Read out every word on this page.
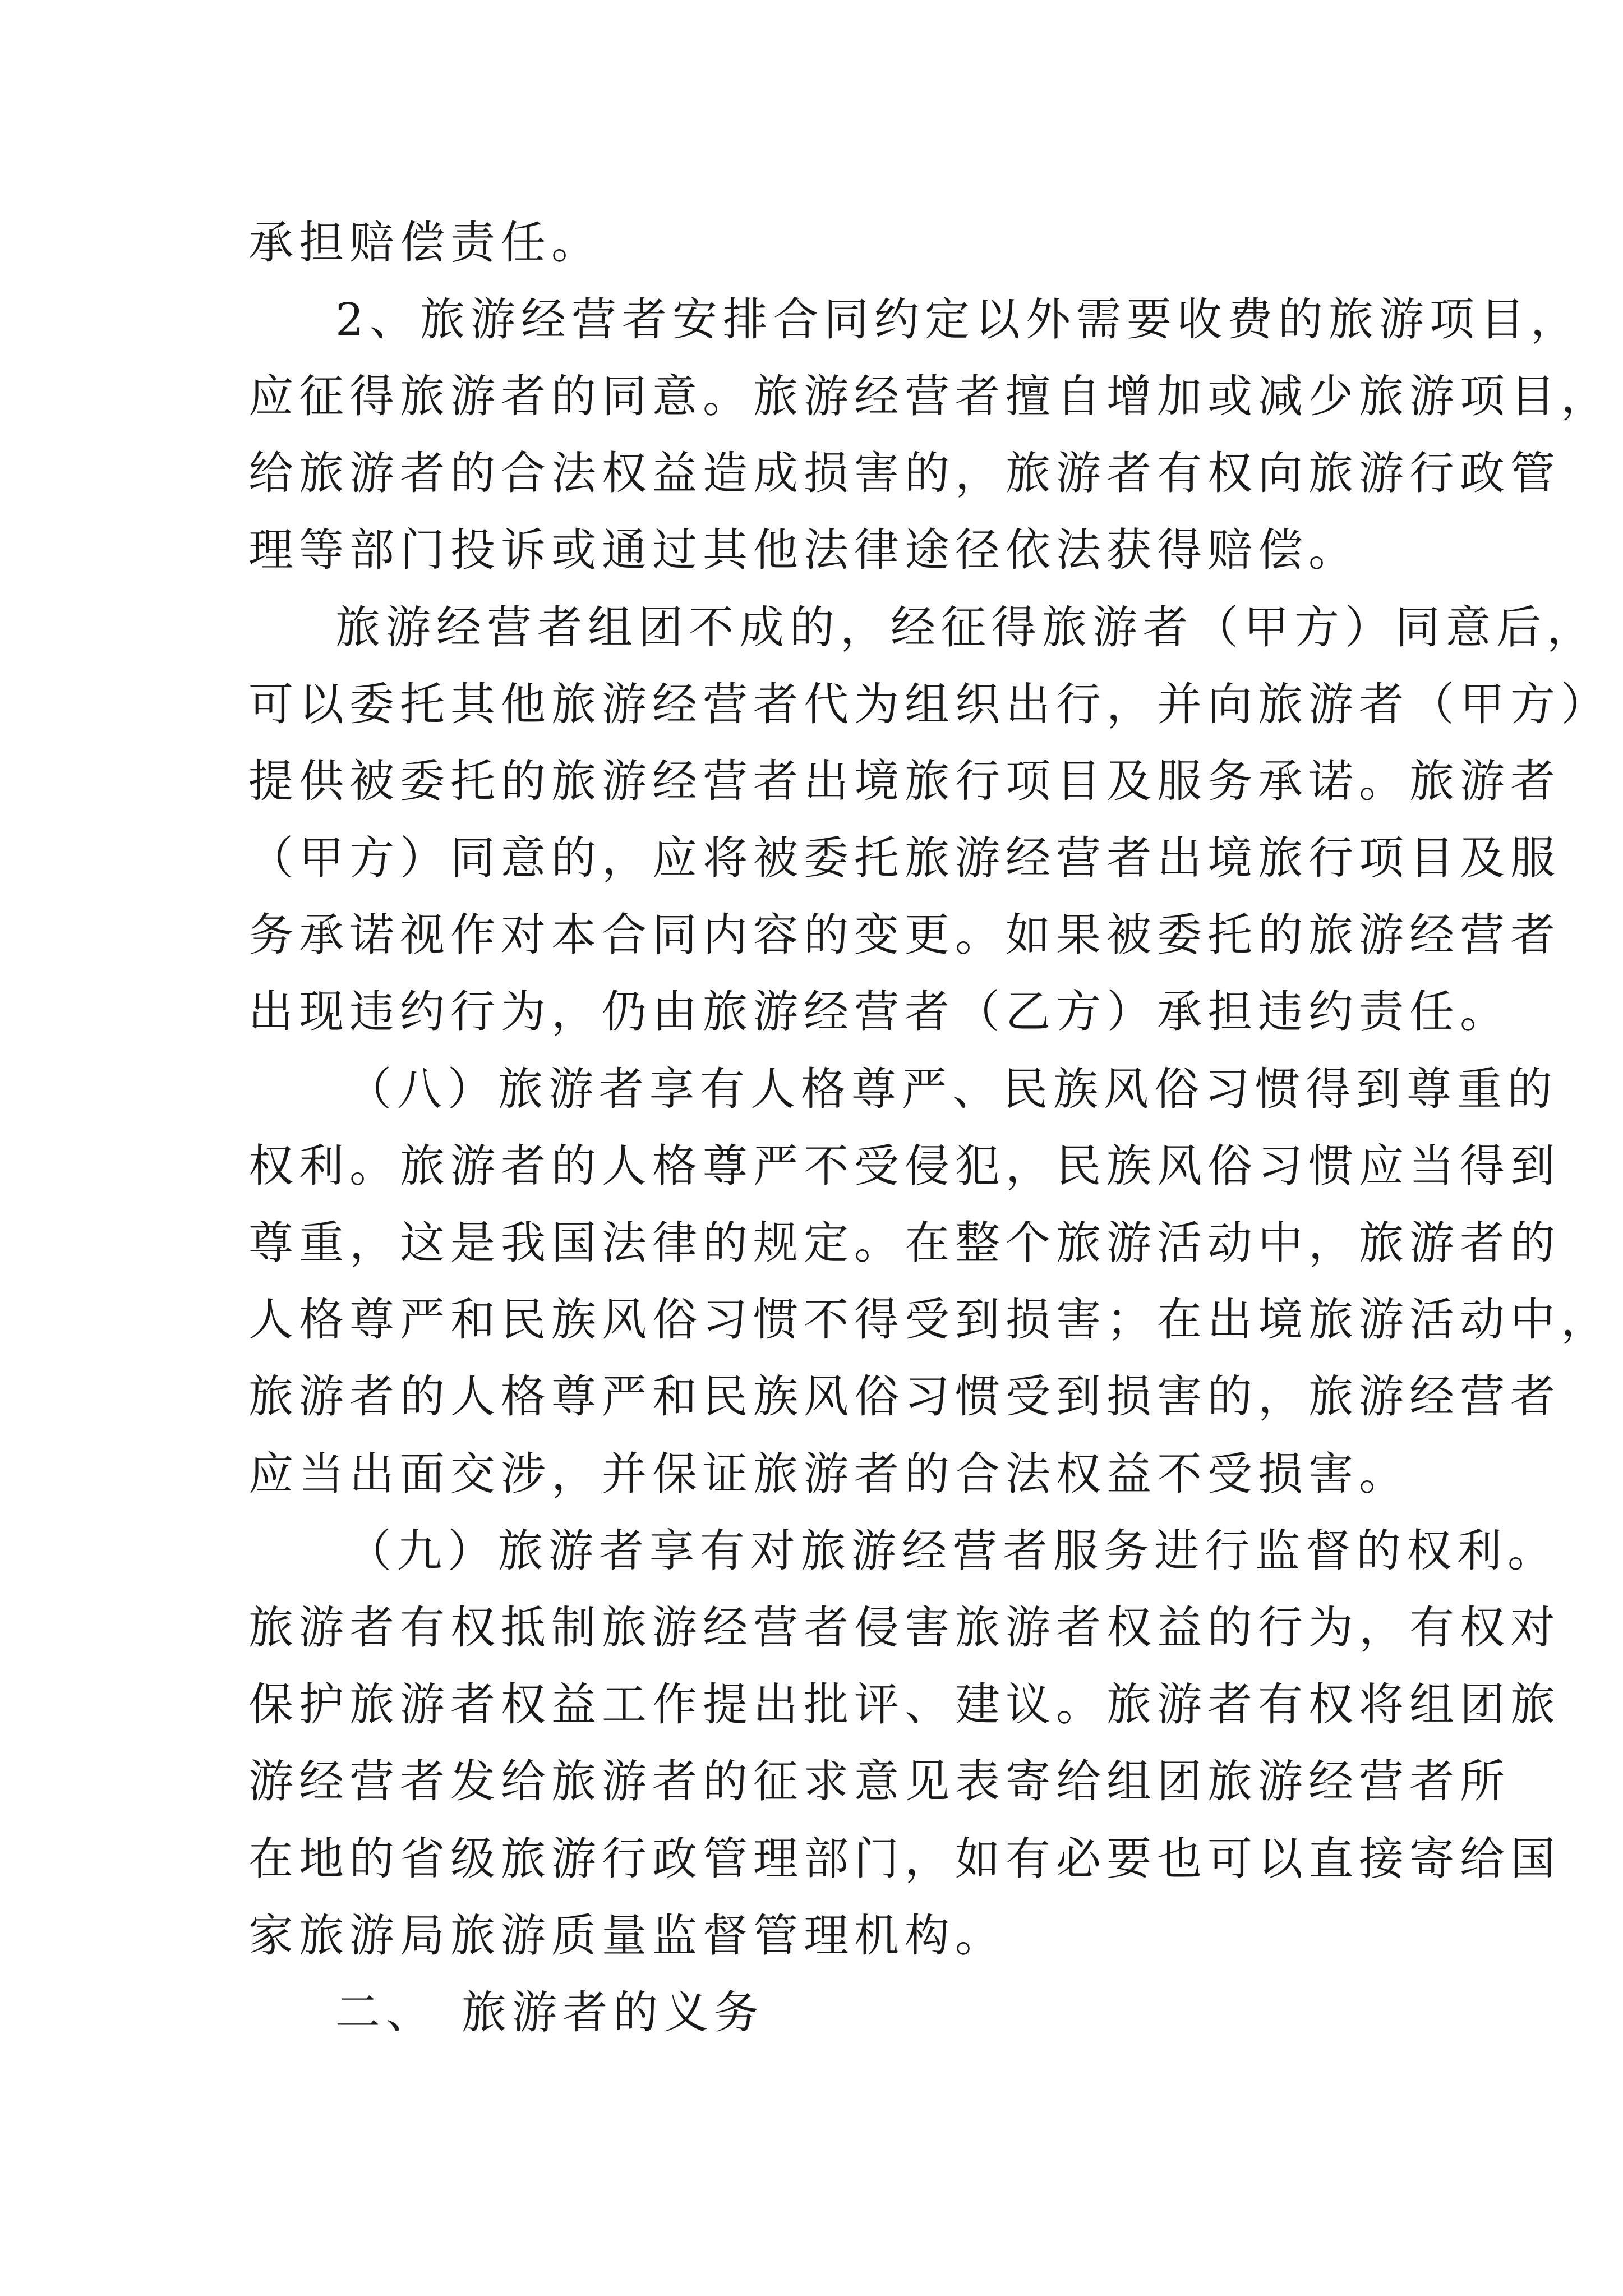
承担赔偿责任。
2、旅游经营者安排合同约定以外需要收费的旅游项目，
应征得旅游者的同意。旅游经营者擅自增加或减少旅游项目，
给旅游者的合法权益造成损害的，旅游者有权向旅游行政管
理等部门投诉或通过其他法律途径依法获得赔偿。
旅游经营者组团不成的，经征得旅游者（甲方）同意后，
可以委托其他旅游经营者代为组织出行，并向旅游者（甲方）
提供被委托的旅游经营者出境旅行项目及服务承诺。旅游者
（甲方）同意的，应将被委托旅游经营者出境旅行项目及服
务承诺视作对本合同内容的变更。如果被委托的旅游经营者
出现违约行为，仍由旅游经营者（乙方）承担违约责任。
（八）旅游者享有人格尊严、民族风俗习惯得到尊重的
权利。旅游者的人格尊严不受侵犯，民族风俗习惯应当得到
尊重，这是我国法律的规定。在整个旅游活动中，旅游者的
人格尊严和民族风俗习惯不得受到损害；在出境旅游活动中，
旅游者的人格尊严和民族风俗习惯受到损害的，旅游经营者
应当出面交涉，并保证旅游者的合法权益不受损害。
（九）旅游者享有对旅游经营者服务进行监督的权利。
旅游者有权抵制旅游经营者侵害旅游者权益的行为，有权对
保护旅游者权益工作提出批评、建议。旅游者有权将组团旅
游经营者发给旅游者的征求意见表寄给组团旅游经营者所
在地的省级旅游行政管理部门，如有必要也可以直接寄给国
家旅游局旅游质量监督管理机构。
二、 旅游者的义务
